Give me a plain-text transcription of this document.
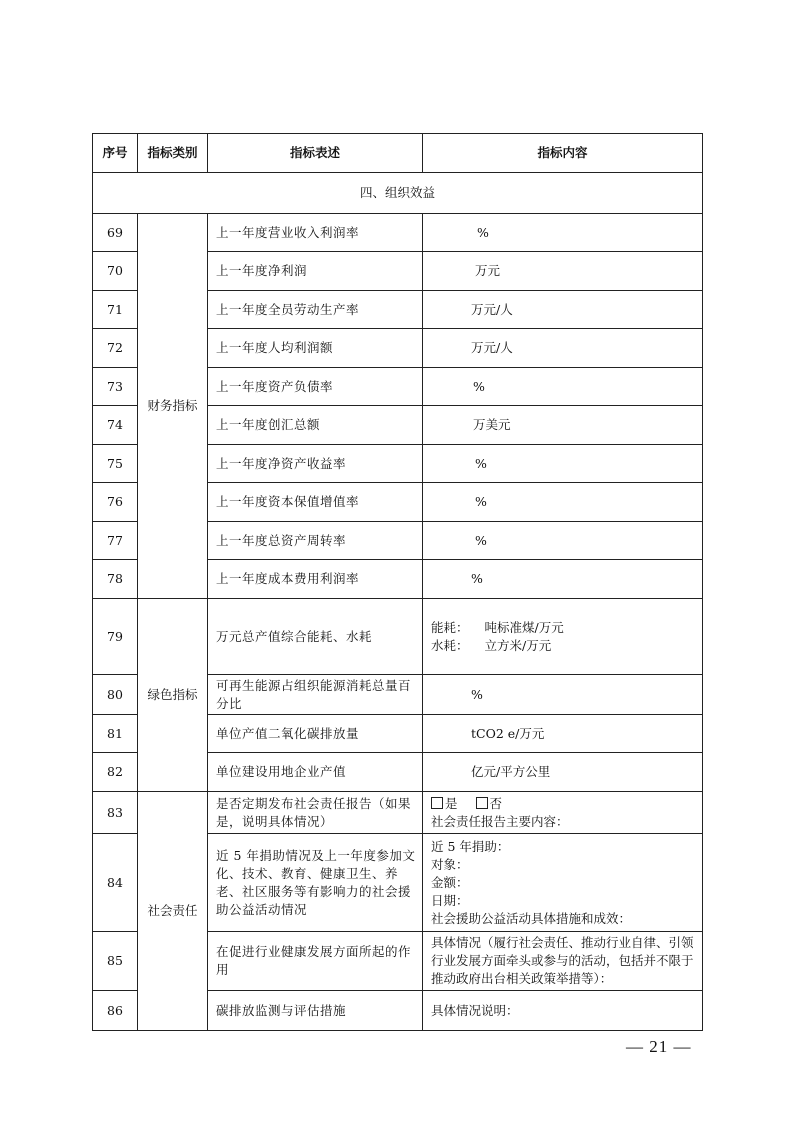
序号	指标类别	指标表述	指标内容
四、组织效益			
69	财务指标	上一年度营业收入利润率	%
70		上一年度净利润	万元
71		上一年度全员劳动生产率	万元/人
72		上一年度人均利润额	万元/人
73		上一年度资产负债率	%
74		上一年度创汇总额	万美元
75		上一年度净资产收益率	%
76		上一年度资本保值增值率	%
77		上一年度总资产周转率	%
78		上一年度成本费用利润率	%
79	绿色指标	万元总产值综合能耗、水耗	能耗： 吨标准煤/万元
水耗： 立方米/万元

80		可再生能源占组织能源消耗总量百分比	%
81		单位产值二氧化碳排放量	tCO2 e/万元
82		单位建设用地企业产值	亿元/平方公里
83	社会责任	是否定期发布社会责任报告（如果是，说明具体情况）	是 否
社会责任报告主要内容：

84		近 5 年捐助情况及上一年度参加文化、技术、教育、健康卫生、养老、社区服务等有影响力的社会援助公益活动情况	近 5 年捐助：
对象：
金额：
日期：
社会援助公益活动具体措施和成效：

85		在促进行业健康发展方面所起的作用	具体情况（履行社会责任、推动行业自律、引领行业发展方面牵头或参与的活动，包括并不限于推动政府出台相关政策举措等）：
86		碳排放监测与评估措施	具体情况说明：
— 21 —
